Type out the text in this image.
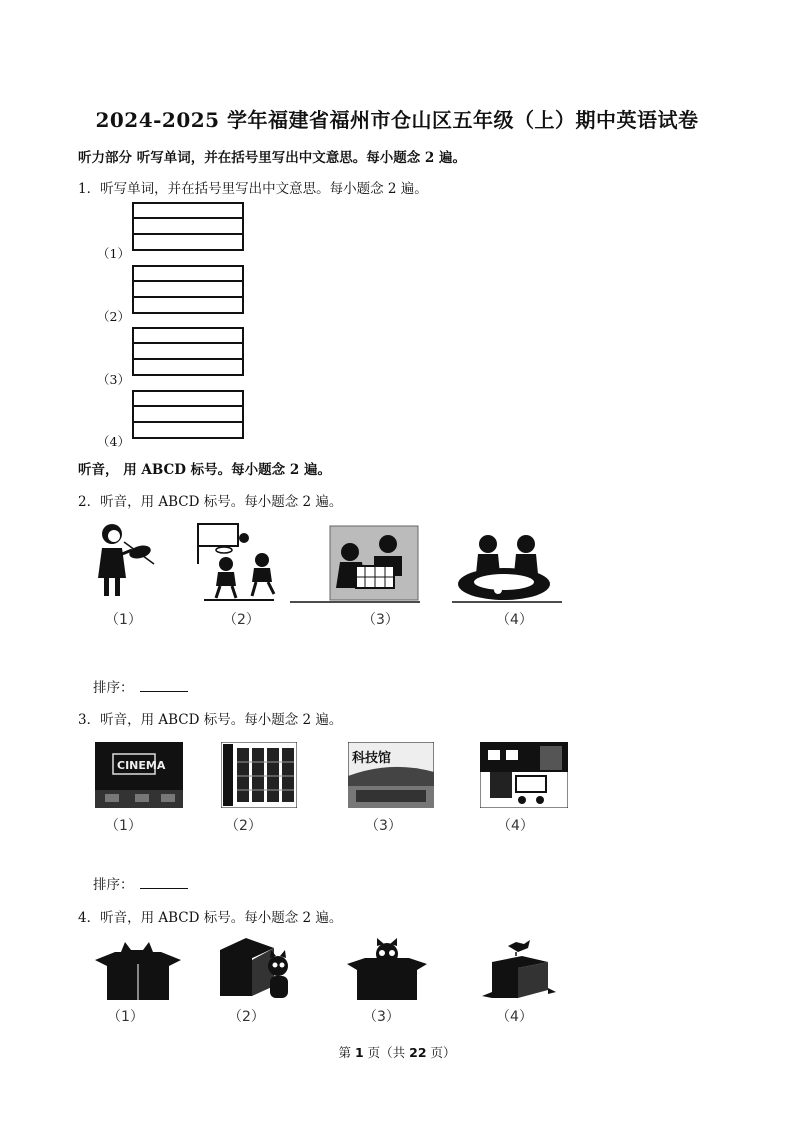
2024-2025 学年福建省福州市仓山区五年级（上）期中英语试卷
听力部分 听写单词，并在括号里写出中文意思。每小题念 2 遍。
1．听写单词，并在括号里写出中文意思。每小题念 2 遍。
（1）
（2）
（3）
（4）
听音， 用 ABCD 标号。每小题念 2 遍。
2．听音，用 ABCD 标号。每小题念 2 遍。
（1）	（2）	（3）	（4）
排序：
3．听音，用 ABCD 标号。每小题念 2 遍。
CINEMA	科技馆
（1）	（2）	（3）	（4）
排序：
4．听音，用 ABCD 标号。每小题念 2 遍。
（1）	（2）	（3）	（4）
第 1 页（共 22 页）
